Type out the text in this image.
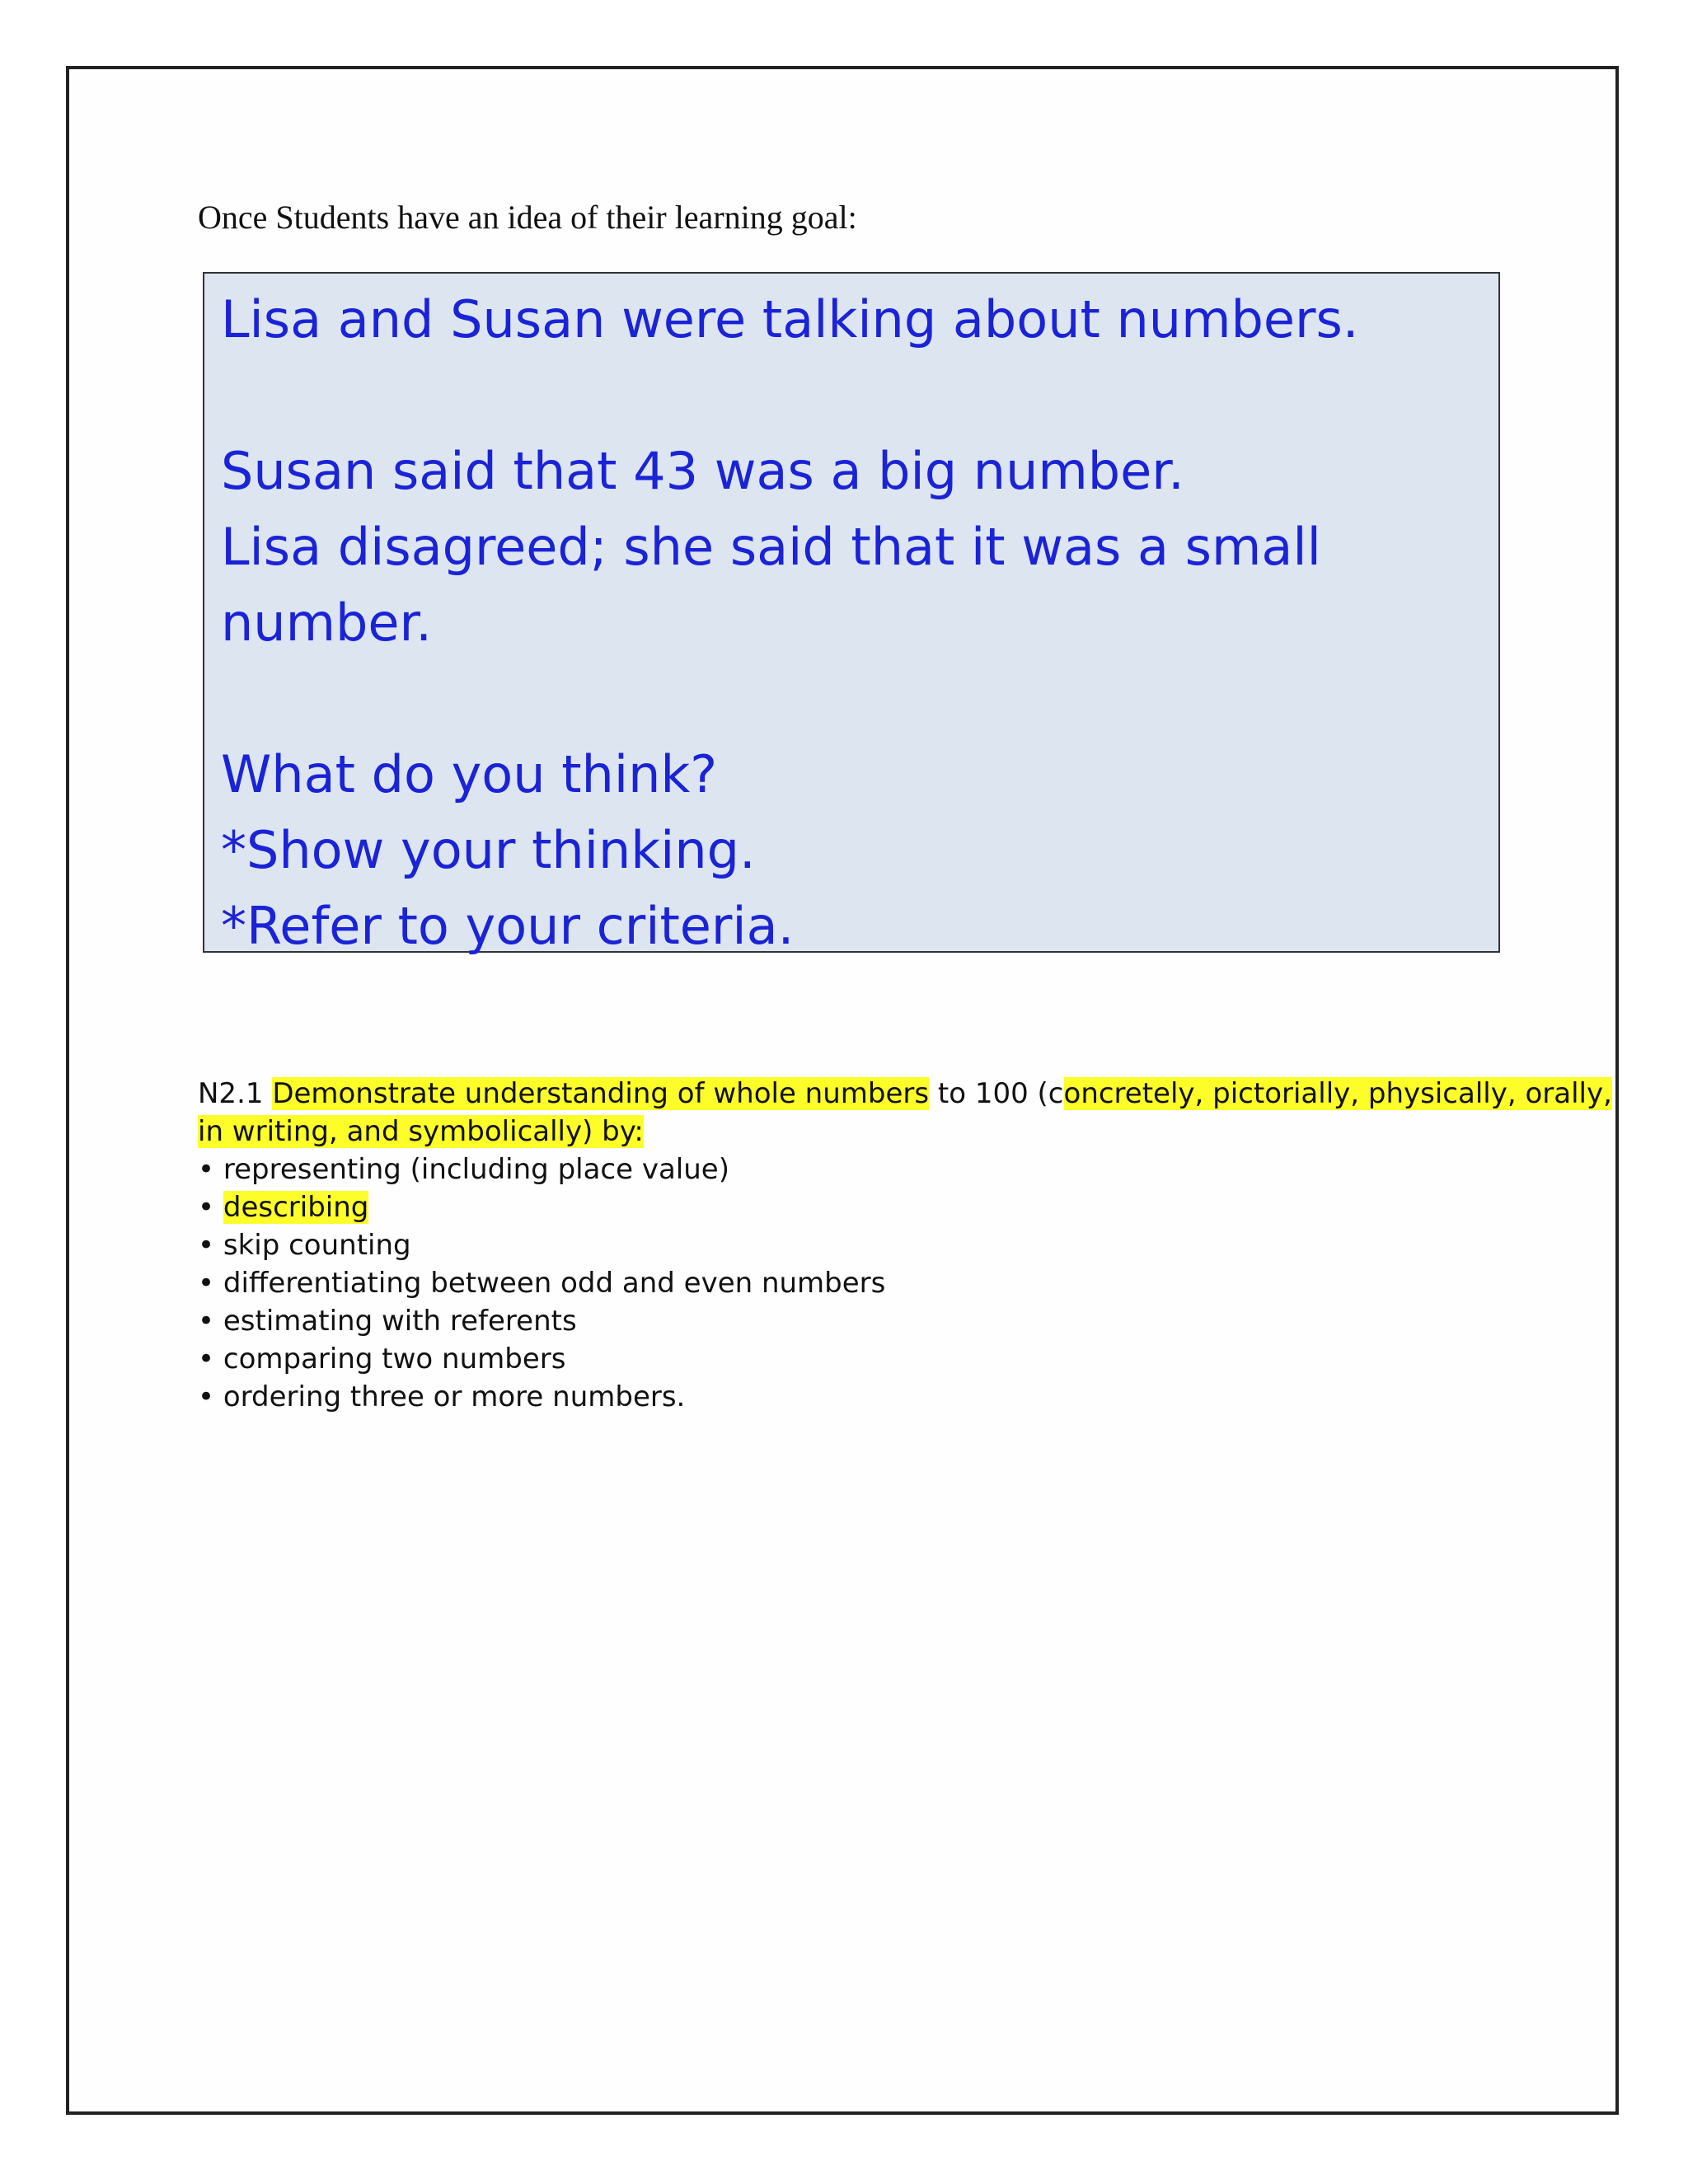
Once Students have an idea of their learning goal:
Lisa and Susan were talking about numbers.
Susan said that 43 was a big number.
Lisa disagreed; she said that it was a small
number.
What do you think?
*Show your thinking.
*Refer to your criteria.
N2.1 Demonstrate understanding of whole numbers to 100 (concretely, pictorially, physically, orally,
in writing, and symbolically) by:
• representing (including place value)
• describing
• skip counting
• differentiating between odd and even numbers
• estimating with referents
• comparing two numbers
• ordering three or more numbers.
